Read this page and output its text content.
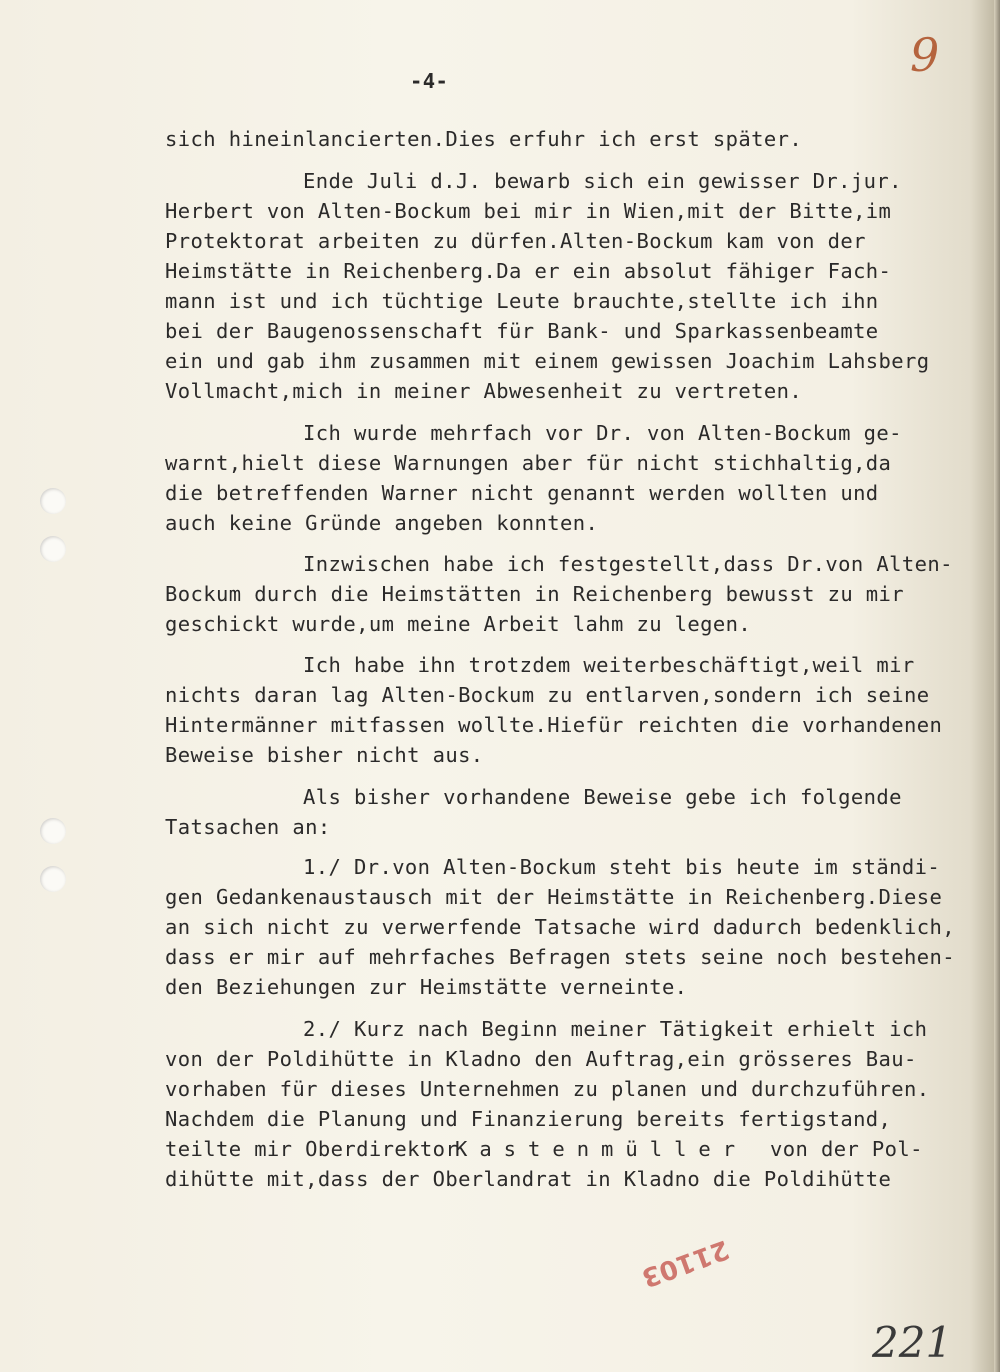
9
-4-
sich hineinlancierten.Dies erfuhr ich erst später.
Ende Juli d.J. bewarb sich ein gewisser Dr.jur.
Herbert von Alten-Bockum bei mir in Wien,mit der Bitte,im
Protektorat arbeiten zu dürfen.Alten-Bockum kam von der
Heimstätte in Reichenberg.Da er ein absolut fähiger Fach-
mann ist und ich tüchtige Leute brauchte,stellte ich ihn
bei der Baugenossenschaft für Bank- und Sparkassenbeamte
ein und gab ihm zusammen mit einem gewissen Joachim Lahsberg
Vollmacht,mich in meiner Abwesenheit zu vertreten.
Ich wurde mehrfach vor Dr. von Alten-Bockum ge-
warnt,hielt diese Warnungen aber für nicht stichhaltig,da
die betreffenden Warner nicht genannt werden wollten und
auch keine Gründe angeben konnten.
Inzwischen habe ich festgestellt,dass Dr.von Alten-
Bockum durch die Heimstätten in Reichenberg bewusst zu mir
geschickt wurde,um meine Arbeit lahm zu legen.
Ich habe ihn trotzdem weiterbeschäftigt,weil mir
nichts daran lag Alten-Bockum zu entlarven,sondern ich seine
Hintermänner mitfassen wollte.Hiefür reichten die vorhandenen
Beweise bisher nicht aus.
Als bisher vorhandene Beweise gebe ich folgende
Tatsachen an:
1./ Dr.von Alten-Bockum steht bis heute im ständi-
gen Gedankenaustausch mit der Heimstätte in Reichenberg.Diese
an sich nicht zu verwerfende Tatsache wird dadurch bedenklich,
dass er mir auf mehrfaches Befragen stets seine noch bestehen-
den Beziehungen zur Heimstätte verneinte.
2./ Kurz nach Beginn meiner Tätigkeit erhielt ich
von der Poldihütte in Kladno den Auftrag,ein grösseres Bau-
vorhaben für dieses Unternehmen zu planen und durchzuführen.
Nachdem die Planung und Finanzierung bereits fertigstand,
teilte mir Oberdirektor
Kastenmüller von der Pol-
dihütte mit,dass der Oberlandrat in Kladno die Poldihütte
21103
221
